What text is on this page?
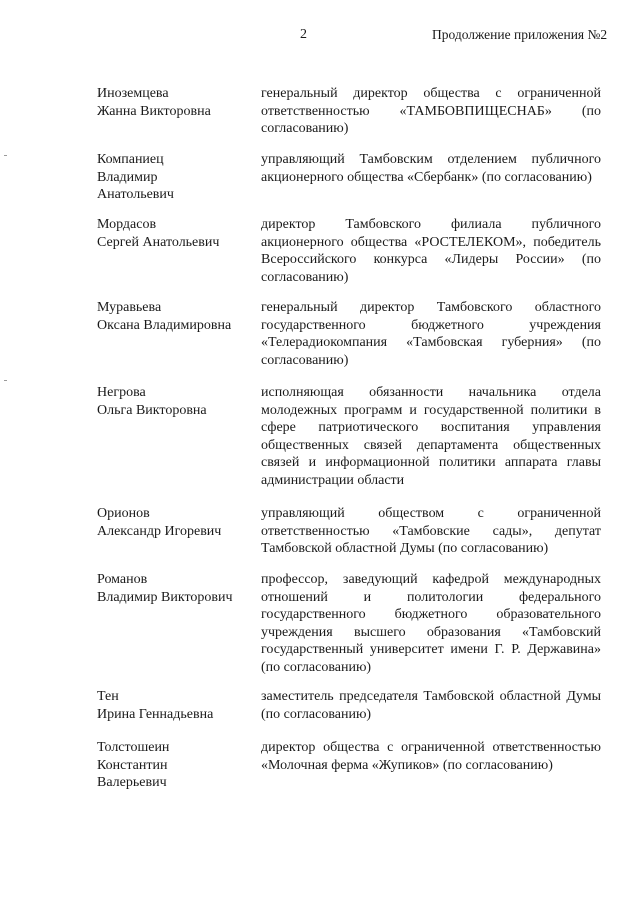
2	Продолжение приложения №2
Иноземцева
Жанна Викторовна
генеральный директор общества с ограниченной ответственностью «ТАМБОВПИЩЕСНАБ» (по согласованию)
Компаниец
Владимир
Анатольевич
управляющий Тамбовским отделением публичного акционерного общества «Сбербанк» (по согласованию)
Мордасов
Сергей Анатольевич
директор Тамбовского филиала публичного акционерного общества «РОСТЕЛЕКОМ», победитель Всероссийского конкурса «Лидеры России» (по согласованию)
Муравьева
Оксана Владимировна
генеральный директор Тамбовского областного государственного бюджетного учреждения «Телерадиокомпания «Тамбовская губерния» (по согласованию)
Негрова
Ольга Викторовна
исполняющая обязанности начальника отдела молодежных программ и государственной политики в сфере патриотического воспитания управления общественных связей департамента общественных связей и информационной политики аппарата главы администрации области
Орионов
Александр Игоревич
управляющий обществом с ограниченной ответственностью «Тамбовские сады», депутат Тамбовской областной Думы (по согласованию)
Романов
Владимир Викторович
профессор, заведующий кафедрой международных отношений и политологии федерального государственного бюджетного образовательного учреждения высшего образования «Тамбовский государственный университет имени Г. Р. Державина» (по согласованию)
Тен
Ирина Геннадьевна
заместитель председателя Тамбовской областной Думы (по согласованию)
Толстошеин
Константин
Валерьевич
директор общества с ограниченной ответственностью «Молочная ферма «Жупиков» (по согласованию)
